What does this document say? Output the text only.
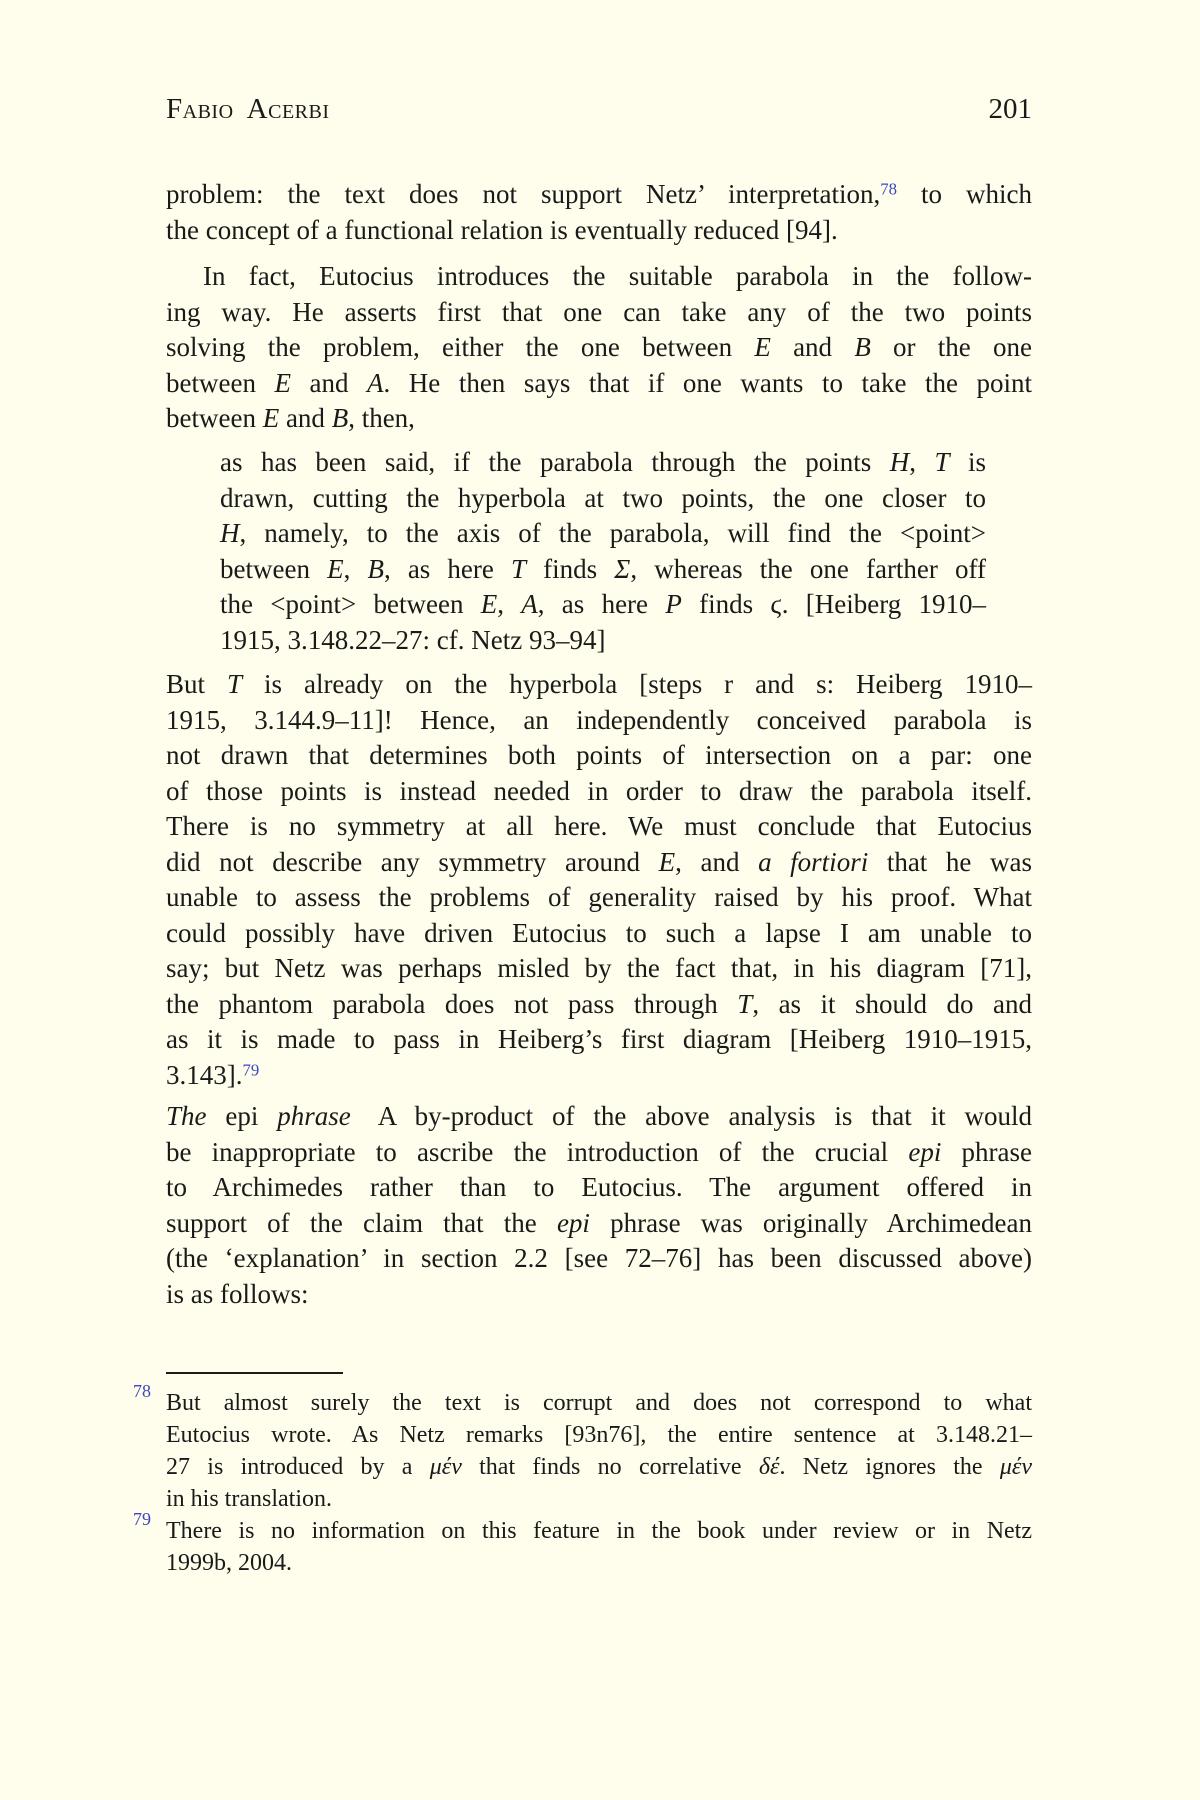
Fabio Acerbi	201
problem: the text does not support Netz’ interpretation,$^{78}$ to which
the concept of a functional relation is eventually reduced [94].
In fact, Eutocius introduces the suitable parabola in the follow-
ing way. He asserts first that one can take any of the two points
solving the problem, either the one between E and B or the one
between E and A. He then says that if one wants to take the point
between E and B, then,
as has been said, if the parabola through the points H, T is
drawn, cutting the hyperbola at two points, the one closer to
H, namely, to the axis of the parabola, will find the <point>
between E, B, as here T finds Σ, whereas the one farther off
the <point> between E, A, as here P finds ϛ. [Heiberg 1910–
1915, 3.148.22–27: cf. Netz 93–94]
But T is already on the hyperbola [steps r and s: Heiberg 1910–
1915, 3.144.9–11]! Hence, an independently conceived parabola is
not drawn that determines both points of intersection on a par: one
of those points is instead needed in order to draw the parabola itself.
There is no symmetry at all here. We must conclude that Eutocius
did not describe any symmetry around E, and a fortiori that he was
unable to assess the problems of generality raised by his proof. What
could possibly have driven Eutocius to such a lapse I am unable to
say; but Netz was perhaps misled by the fact that, in his diagram [71],
the phantom parabola does not pass through T, as it should do and
as it is made to pass in Heiberg’s first diagram [Heiberg 1910–1915,
3.143].$^{79}$
The epi phrase A by-product of the above analysis is that it would
be inappropriate to ascribe the introduction of the crucial epi phrase
to Archimedes rather than to Eutocius. The argument offered in
support of the claim that the epi phrase was originally Archimedean
(the ‘explanation’ in section 2.2 [see 72–76] has been discussed above)
is as follows:
78 But almost surely the text is corrupt and does not correspond to what
Eutocius wrote. As Netz remarks [93n76], the entire sentence at 3.148.21–
27 is introduced by a μέν that finds no correlative δέ. Netz ignores the μέν
in his translation.
79 There is no information on this feature in the book under review or in Netz
1999b, 2004.
